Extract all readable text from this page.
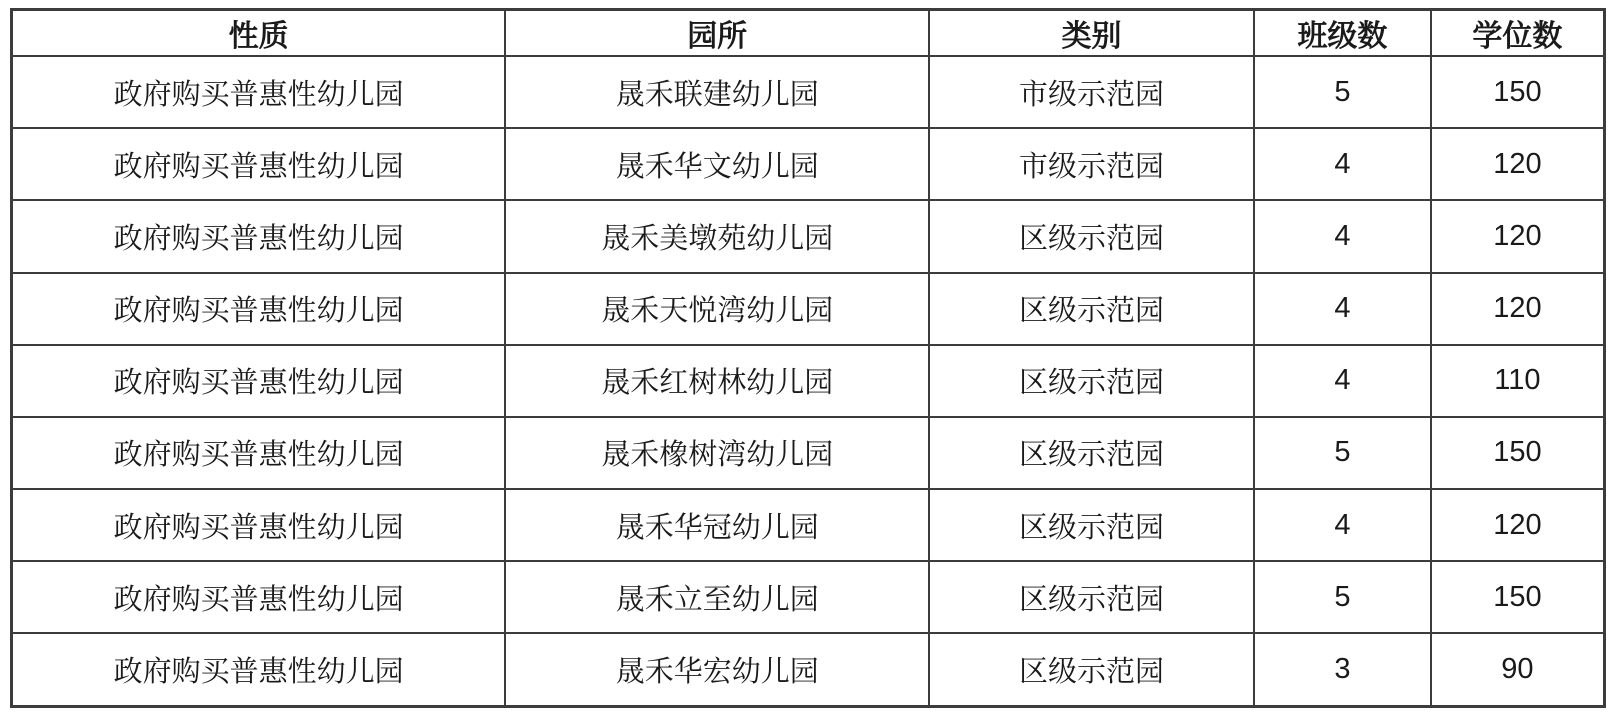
性质	园所	类别	班级数	学位数
政府购买普惠性幼儿园	晟禾联建幼儿园	市级示范园	5	150
政府购买普惠性幼儿园	晟禾华文幼儿园	市级示范园	4	120
政府购买普惠性幼儿园	晟禾美墩苑幼儿园	区级示范园	4	120
政府购买普惠性幼儿园	晟禾天悦湾幼儿园	区级示范园	4	120
政府购买普惠性幼儿园	晟禾红树林幼儿园	区级示范园	4	110
政府购买普惠性幼儿园	晟禾橡树湾幼儿园	区级示范园	5	150
政府购买普惠性幼儿园	晟禾华冠幼儿园	区级示范园	4	120
政府购买普惠性幼儿园	晟禾立至幼儿园	区级示范园	5	150
政府购买普惠性幼儿园	晟禾华宏幼儿园	区级示范园	3	90
